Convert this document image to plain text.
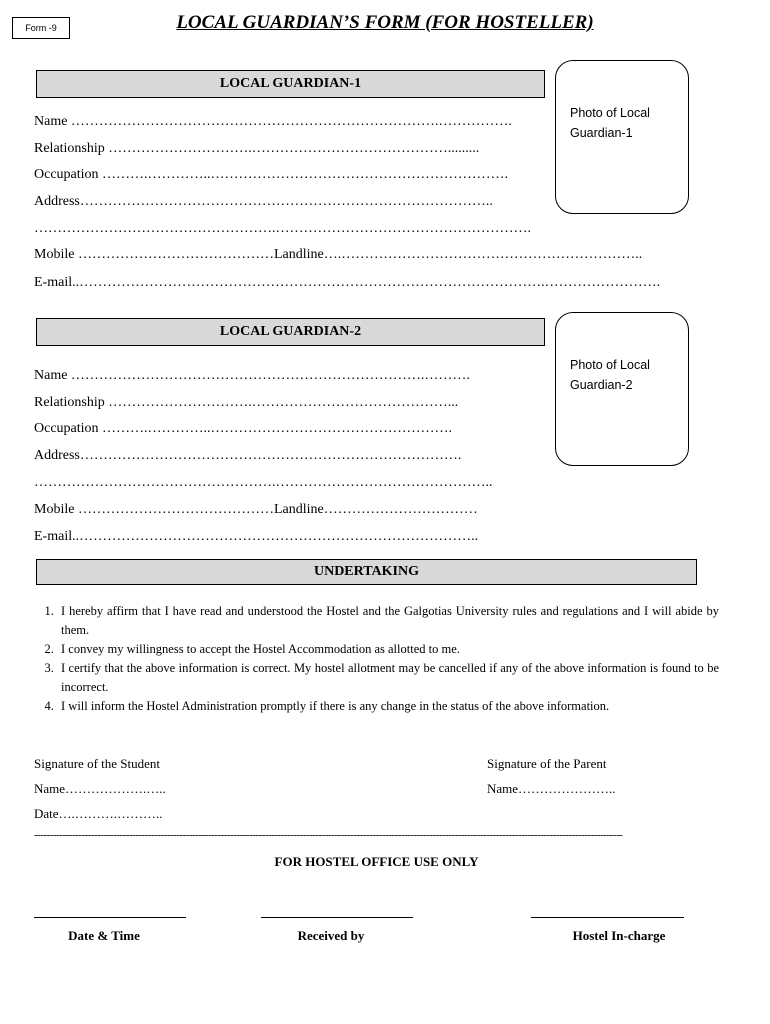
Form -9	LOCAL GUARDIAN’S FORM (FOR HOSTELLER)
LOCAL GUARDIAN-1
Photo of Local Guardian-1
Name …………………………………………………………………….…………….
Relationship ………………………….…………………………………….........
Occupation ……….…………..……………………………………………………….
Address……………………………………………………………………………..
…………………………………………….……………………………………………….
Mobile ……………………………………Landline….………………………………………………………..
E-mail..……………………………………………………………………………………….…………………….
LOCAL GUARDIAN-2
Photo of Local Guardian-2
Name ………………………………………………………………….……….
Relationship ………………………….……………………………………...
Occupation ……….…………..…………………………………………….
Address……………………………………………………………………….
…………………………………………….………………………………………..
Mobile ……………………………………Landline……………………………
E-mail..…………………………………………………………………………..
UNDERTAKING
1. I hereby affirm that I have read and understood the Hostel and the Galgotias University rules and regulations and I will abide by them.
2. I convey my willingness to accept the Hostel Accommodation as allotted to me.
3. I certify that the above information is correct. My hostel allotment may be cancelled if any of the above information is found to be incorrect.
4. I will inform the Hostel Administration promptly if there is any change in the status of the above information.
Signature of the Student	Signature of the Parent
Name……………….…..	Name…………………..
Date….……….………..
------------------------------------------------------------------------------------------------------------------------------------------------------------------------------------------
FOR HOSTEL OFFICE USE ONLY
Date & Time	Received by	Hostel In-charge
